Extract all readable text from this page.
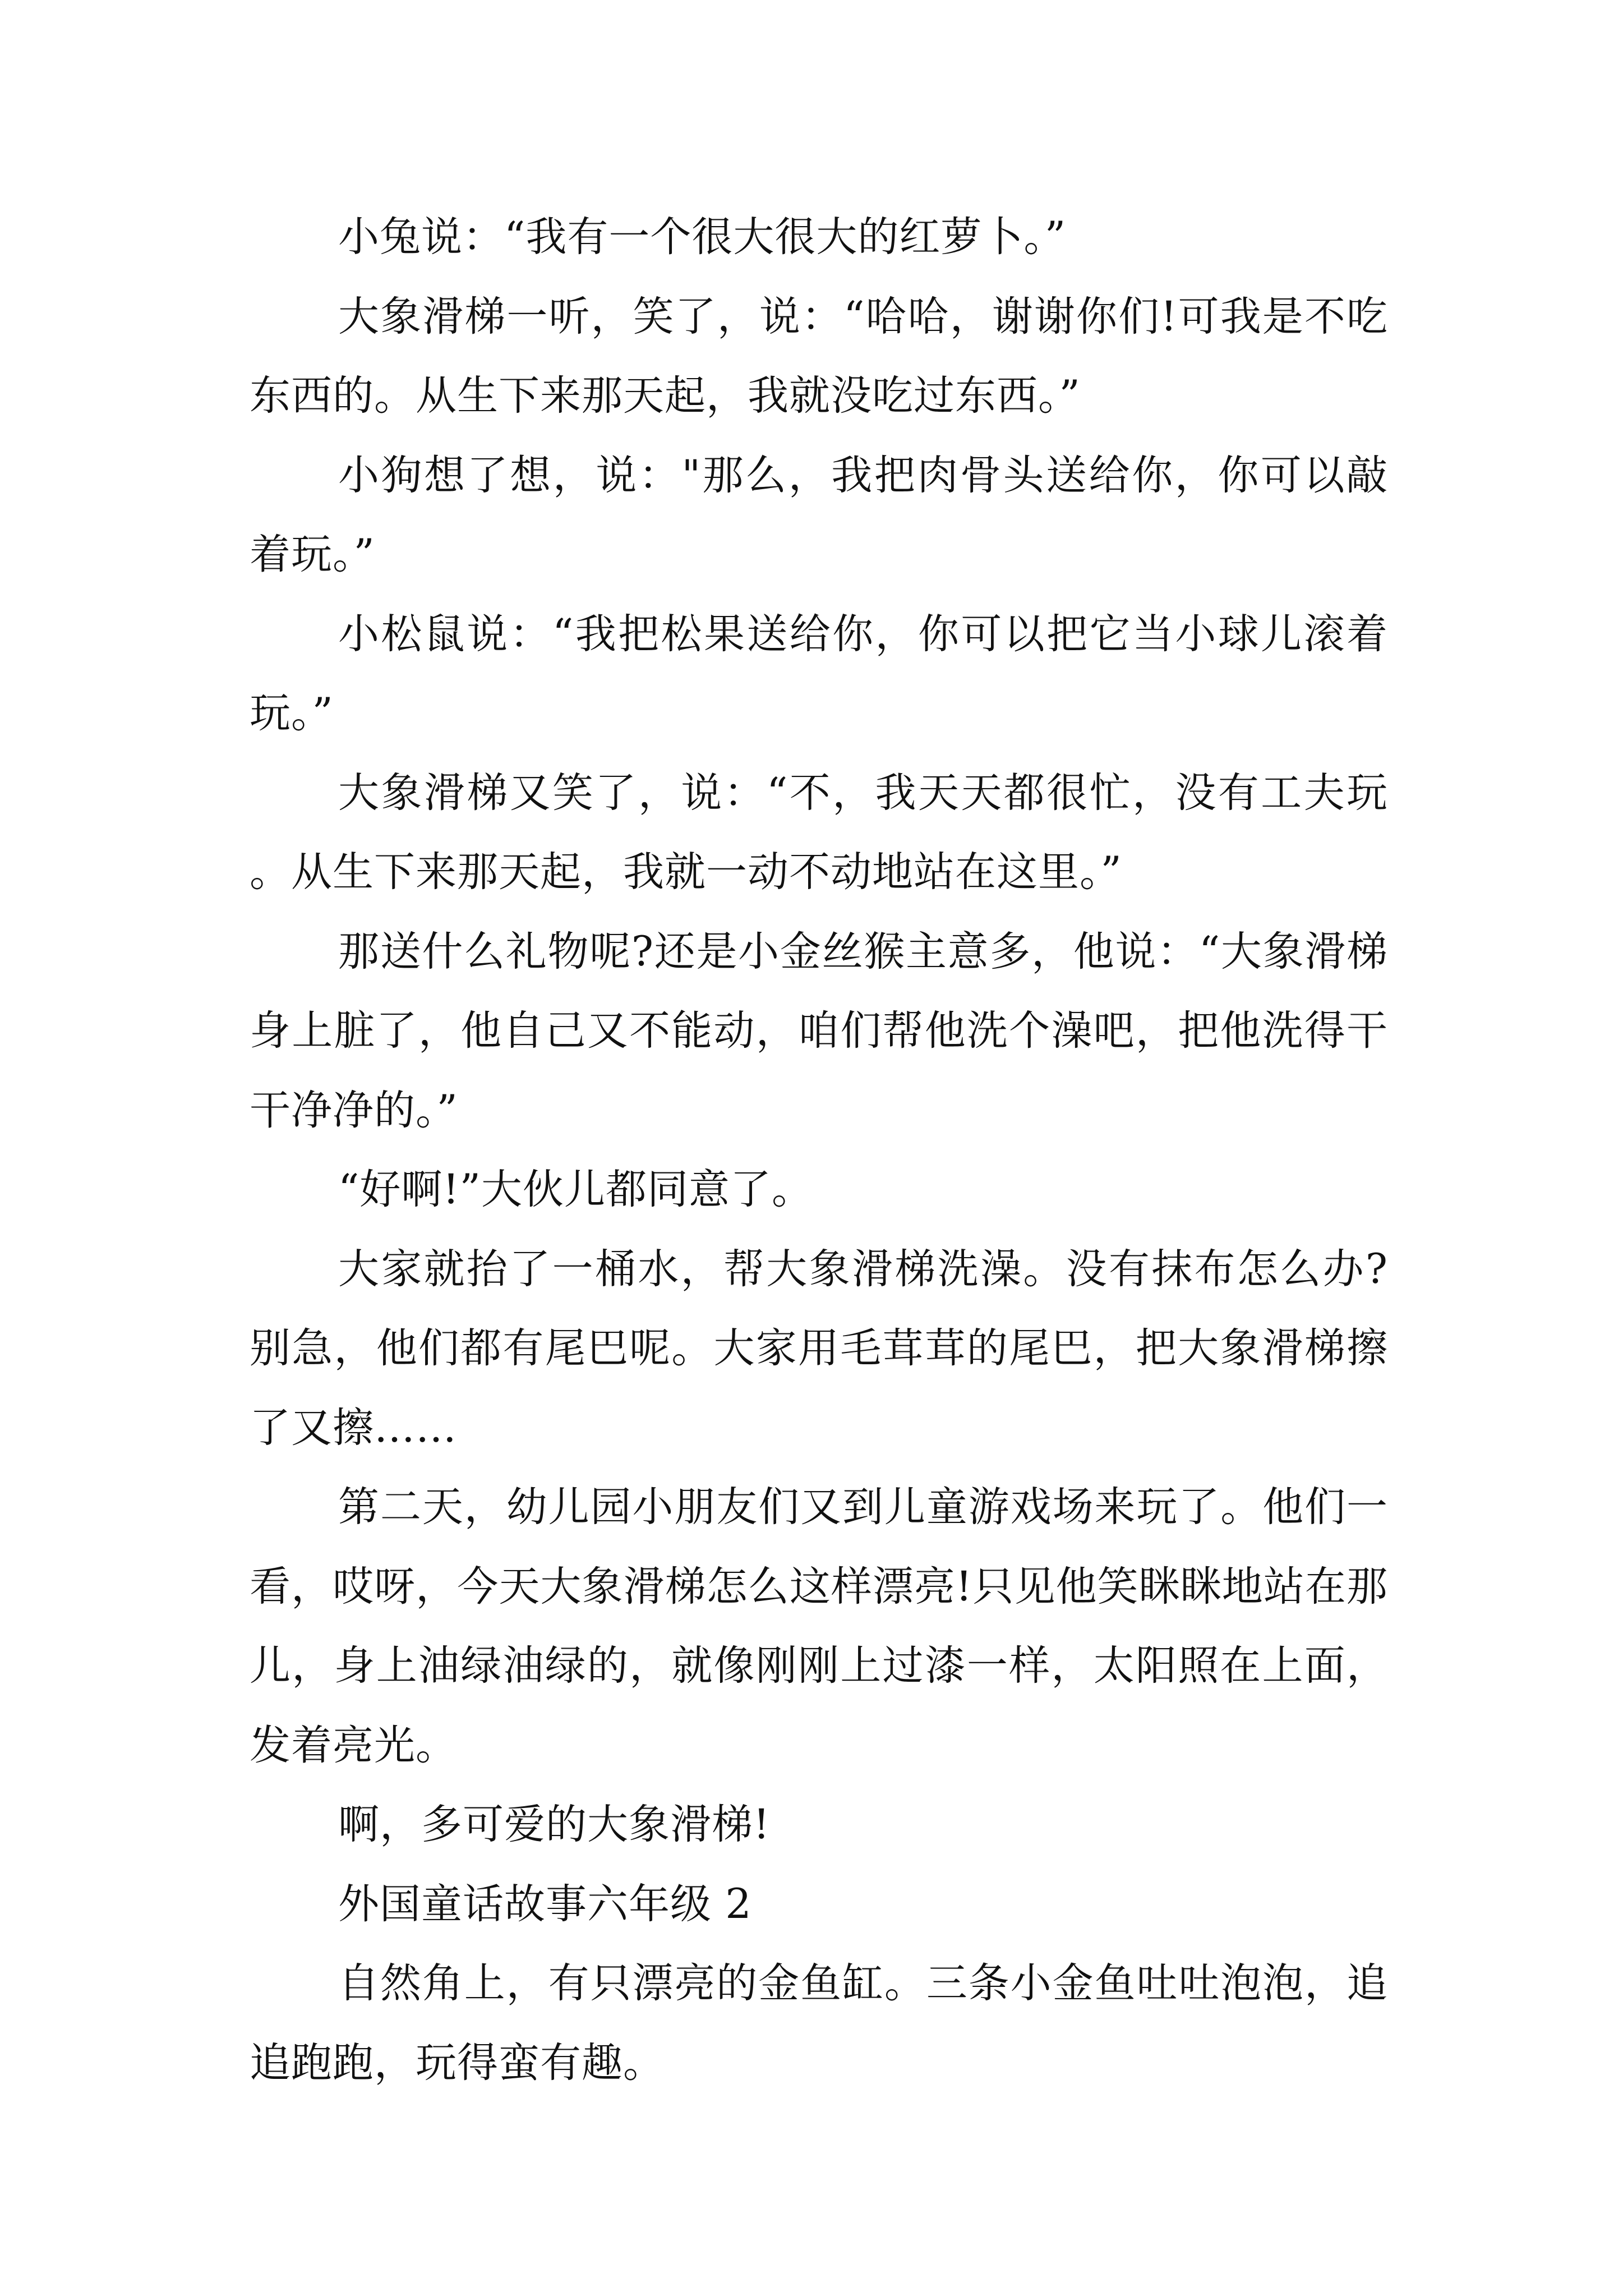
小兔说：“我有一个很大很大的红萝卜。”

大象滑梯一听，笑了，说：“哈哈，谢谢你们!可我是不吃东西的。从生下来那天起，我就没吃过东西。”

小狗想了想，说："那么，我把肉骨头送给你，你可以敲着玩。”

小松鼠说：“我把松果送给你，你可以把它当小球儿滚着玩。”

大象滑梯又笑了，说：“不，我天天都很忙，没有工夫玩。从生下来那天起，我就一动不动地站在这里。”

那送什么礼物呢?还是小金丝猴主意多，他说：“大象滑梯身上脏了，他自己又不能动，咱们帮他洗个澡吧，把他洗得干干净净的。”

“好啊!”大伙儿都同意了。

大家就抬了一桶水，帮大象滑梯洗澡。没有抹布怎么办?别急，他们都有尾巴呢。大家用毛茸茸的尾巴，把大象滑梯擦了又擦……

第二天，幼儿园小朋友们又到儿童游戏场来玩了。他们一看，哎呀，今天大象滑梯怎么这样漂亮!只见他笑眯眯地站在那儿，身上油绿油绿的，就像刚刚上过漆一样，太阳照在上面，发着亮光。

啊，多可爱的大象滑梯!

外国童话故事六年级 2

自然角上，有只漂亮的金鱼缸。三条小金鱼吐吐泡泡，追追跑跑，玩得蛮有趣。
